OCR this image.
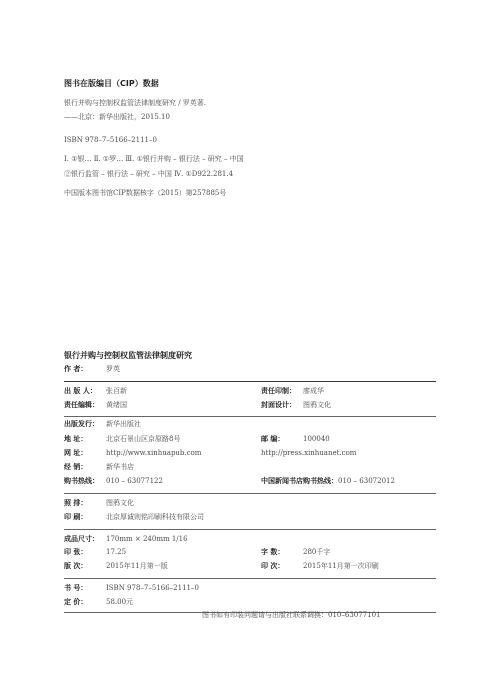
图书在版编目（CIP）数据
银行并购与控制权监管法律制度研究 / 罗英著.
——北京：新华出版社，2015.10
ISBN 978–7–5166–2111–0
Ⅰ. ①银… Ⅱ. ①罗… Ⅲ. ①银行并购 – 银行法 – 研究 – 中国
②银行监管 – 银行法 – 研究 – 中国 Ⅳ. ①D922.281.4
中国版本图书馆CIP数据核字（2015）第257885号
银行并购与控制权监管法律制度研究
作 者：	罗英
出 版 人： 张百新	责任印制： 廖成华
责任编辑： 黄绪国	封面设计： 图鸦文化
出版发行： 新华出版社
地 址：	北京石景山区京原路8号	邮 编：	100040
网 址：	http://www.xinhuapub.com	http://press.xinhuanet.com
经 销：	新华书店
购书热线： 010 – 63077122	中国新闻书店购书热线：010 – 63072012
照 排：	图鸦文化
印 刷：	北京厚诚则铭印刷科技有限公司
成品尺寸： 170mm × 240mm 1/16
印 张：	17.25	字 数：	280千字
版 次：	2015年11月第一版	印 次：	2015年11月第一次印刷
书 号：	ISBN 978–7–5166–2111–0
定 价：	58.00元
图书如有印装问题请与出版社联系调换：010–63077101
